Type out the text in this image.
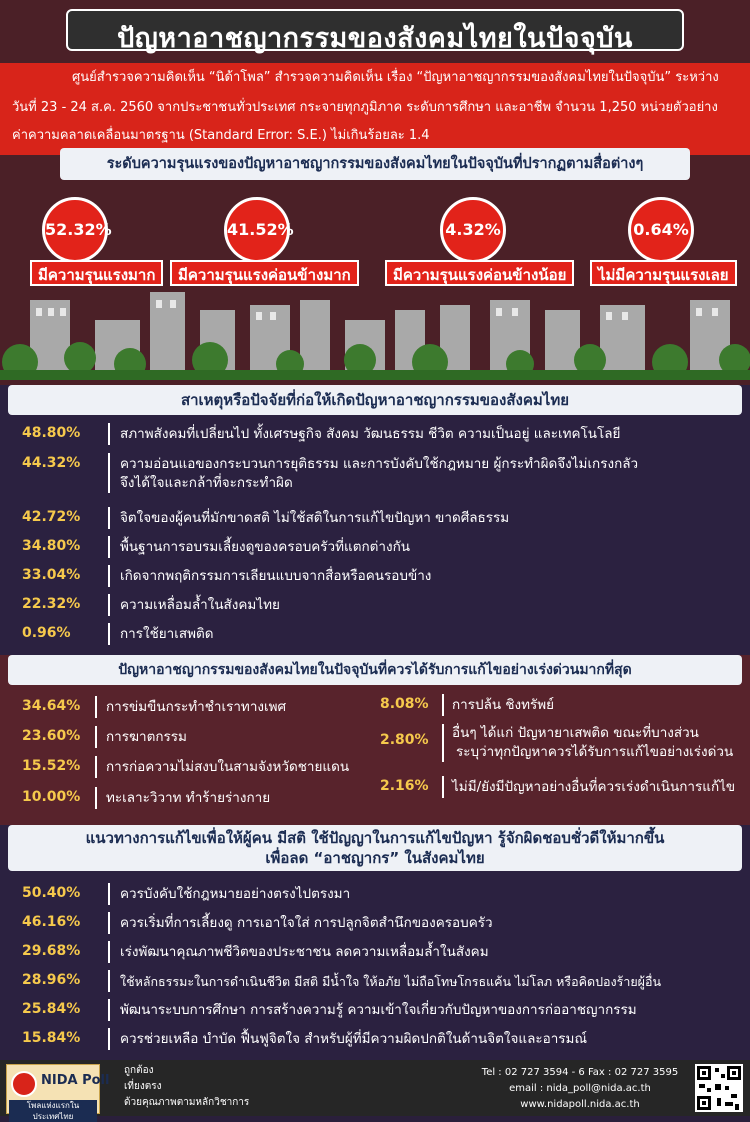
ปัญหาอาชญากรรมของสังคมไทยในปัจจุบัน
ศูนย์สำรวจความคิดเห็น “นิด้าโพล” สำรวจความคิดเห็น เรื่อง “ปัญหาอาชญากรรมของสังคมไทยในปัจจุบัน” ระหว่าง
วันที่ 23 - 24 ส.ค. 2560 จากประชาชนทั่วประเทศ กระจายทุกภูมิภาค ระดับการศึกษา และอาชีพ จำนวน 1,250 หน่วยตัวอย่าง
ค่าความคลาดเคลื่อนมาตรฐาน (Standard Error: S.E.) ไม่เกินร้อยละ 1.4
ระดับความรุนแรงของปัญหาอาชญากรรมของสังคมไทยในปัจจุบันที่ปรากฏตามสื่อต่างๆ
52.32%
มีความรุนแรงมาก
41.52%
มีความรุนแรงค่อนข้างมาก
4.32%
มีความรุนแรงค่อนข้างน้อย
0.64%
ไม่มีความรุนแรงเลย
สาเหตุหรือปัจจัยที่ก่อให้เกิดปัญหาอาชญากรรมของสังคมไทย
48.80%	สภาพสังคมที่เปลี่ยนไป ทั้งเศรษฐกิจ สังคม วัฒนธรรม ชีวิต ความเป็นอยู่ และเทคโนโลยี
44.32%	ความอ่อนแอของกระบวนการยุติธรรม และการบังคับใช้กฎหมาย ผู้กระทำผิดจึงไม่เกรงกลัว
จึงได้ใจและกล้าที่จะกระทำผิด
42.72%	จิตใจของผู้คนที่มักขาดสติ ไม่ใช้สติในการแก้ไขปัญหา ขาดศีลธรรม
34.80%	พื้นฐานการอบรมเลี้ยงดูของครอบครัวที่แตกต่างกัน
33.04%	เกิดจากพฤติกรรมการเลียนแบบจากสื่อหรือคนรอบข้าง
22.32%	ความเหลื่อมล้ำในสังคมไทย
0.96%	การใช้ยาเสพติด
ปัญหาอาชญากรรมของสังคมไทยในปัจจุบันที่ควรได้รับการแก้ไขอย่างเร่งด่วนมากที่สุด
34.64% การข่มขืนกระทำชำเราทางเพศ
23.60% การฆาตกรรม
15.52% การก่อความไม่สงบในสามจังหวัดชายแดน
10.00% ทะเลาะวิวาท ทำร้ายร่างกาย
8.08% การปล้น ชิงทรัพย์
2.80% อื่นๆ ได้แก่ ปัญหายาเสพติด ขณะที่บางส่วน
ระบุว่าทุกปัญหาควรได้รับการแก้ไขอย่างเร่งด่วน
2.16% ไม่มี/ยังมีปัญหาอย่างอื่นที่ควรเร่งดำเนินการแก้ไข
แนวทางการแก้ไขเพื่อให้ผู้คน มีสติ ใช้ปัญญาในการแก้ไขปัญหา รู้จักผิดชอบชั่วดีให้มากขึ้น
เพื่อลด “อาชญากร” ในสังคมไทย
50.40%	ควรบังคับใช้กฎหมายอย่างตรงไปตรงมา
46.16%	ควรเริ่มที่การเลี้ยงดู การเอาใจใส่ การปลูกจิตสำนึกของครอบครัว
29.68%	เร่งพัฒนาคุณภาพชีวิตของประชาชน ลดความเหลื่อมล้ำในสังคม
28.96%	ใช้หลักธรรมะในการดำเนินชีวิต มีสติ มีน้ำใจ ให้อภัย ไม่ถือโทษโกรธแค้น ไม่โลภ หรือคิดปองร้ายผู้อื่น
25.84%	พัฒนาระบบการศึกษา การสร้างความรู้ ความเข้าใจเกี่ยวกับปัญหาของการก่ออาชญากรรม
15.84%	ควรช่วยเหลือ บำบัด ฟื้นฟูจิตใจ สำหรับผู้ที่มีความผิดปกติในด้านจิตใจและอารมณ์
NIDA Poll
โพลแห่งแรกในประเทศไทย
ถูกต้อง
เที่ยงตรง
ด้วยคุณภาพตามหลักวิชาการ
Tel : 02 727 3594 - 6 Fax : 02 727 3595
email : nida_poll@nida.ac.th
www.nidapoll.nida.ac.th
